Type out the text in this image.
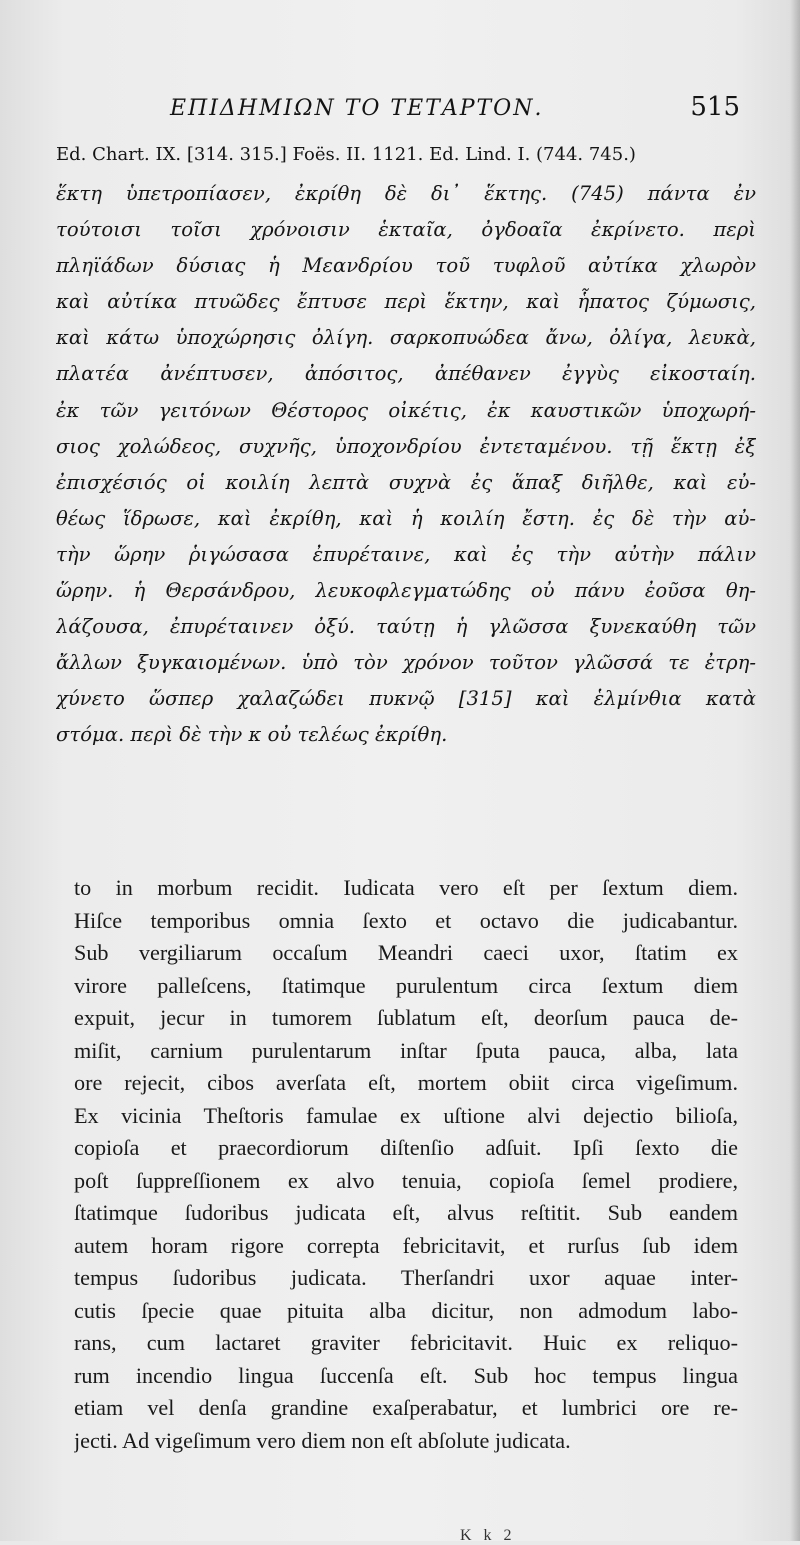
ΕΠΙΔΗΜΙΩΝ ΤΟ ΤΕΤΑΡΤΟΝ.	515
Ed. Chart. IX. [314. 315.] Foës. II. 1121. Ed. Lind. I. (744. 745.)
ἕκτη ὑπετροπίασεν, ἐκρίθη δὲ δι᾽ ἕκτης. (745) πάντα ἐν
τούτοισι τοῖσι χρόνοισιν ἑκταῖα, ὀγδοαῖα ἐκρίνετο. περὶ
πληϊάδων δύσιας ἡ Μεανδρίου τοῦ τυφλοῦ αὐτίκα χλωρὸν
καὶ αὐτίκα πτυῶδες ἔπτυσε περὶ ἕκτην, καὶ ἧπατος ζύμωσις,
καὶ κάτω ὑποχώρησις ὀλίγη. σαρκοπυώδεα ἄνω, ὀλίγα, λευκὰ,
πλατέα ἀνέπτυσεν, ἀπόσιτος, ἀπέθανεν ἐγγὺς εἰκοσταίη.
ἐκ τῶν γειτόνων Θέστορος οἰκέτις, ἐκ καυστικῶν ὑποχωρή-
σιος χολώδεος, συχνῆς, ὑποχονδρίου ἐντεταμένου. τῇ ἕκτῃ ἐξ
ἐπισχέσιός οἱ κοιλίη λεπτὰ συχνὰ ἐς ἅπαξ διῆλθε, καὶ εὐ-
θέως ἵδρωσε, καὶ ἐκρίθη, καὶ ἡ κοιλίη ἔστη. ἐς δὲ τὴν αὐ-
τὴν ὥρην ῥιγώσασα ἐπυρέταινε, καὶ ἐς τὴν αὐτὴν πάλιν
ὥρην. ἡ Θερσάνδρου, λευκοφλεγματώδης οὐ πάνυ ἐοῦσα θη-
λάζουσα, ἐπυρέταινεν ὀξύ. ταύτῃ ἡ γλῶσσα ξυνεκαύθη τῶν
ἄλλων ξυγκαιομένων. ὑπὸ τὸν χρόνον τοῦτον γλῶσσά τε ἐτρη-
χύνετο ὥσπερ χαλαζώδει πυκνῷ [315] καὶ ἑλμίνθια κατὰ
στόμα. περὶ δὲ τὴν κ οὐ τελέως ἐκρίθη.
to in morbum recidit. Iudicata vero eſt per ſextum diem.
Hiſce temporibus omnia ſexto et octavo die judicabantur.
Sub vergiliarum occaſum Meandri caeci uxor, ſtatim ex
virore palleſcens, ſtatimque purulentum circa ſextum diem
expuit, jecur in tumorem ſublatum eſt, deorſum pauca de-
miſit, carnium purulentarum inſtar ſputa pauca, alba, lata
ore rejecit, cibos averſata eſt, mortem obiit circa vigeſimum.
Ex vicinia Theſtoris famulae ex uſtione alvi dejectio bilioſa,
copioſa et praecordiorum diſtenſio adſuit. Ipſi ſexto die
poſt ſuppreſſionem ex alvo tenuia, copioſa ſemel prodiere,
ſtatimque ſudoribus judicata eſt, alvus reſtitit. Sub eandem
autem horam rigore correpta febricitavit, et rurſus ſub idem
tempus ſudoribus judicata. Therſandri uxor aquae inter-
cutis ſpecie quae pituita alba dicitur, non admodum labo-
rans, cum lactaret graviter febricitavit. Huic ex reliquo-
rum incendio lingua ſuccenſa eſt. Sub hoc tempus lingua
etiam vel denſa grandine exaſperabatur, et lumbrici ore re-
jecti. Ad vigeſimum vero diem non eſt abſolute judicata.
K k 2
